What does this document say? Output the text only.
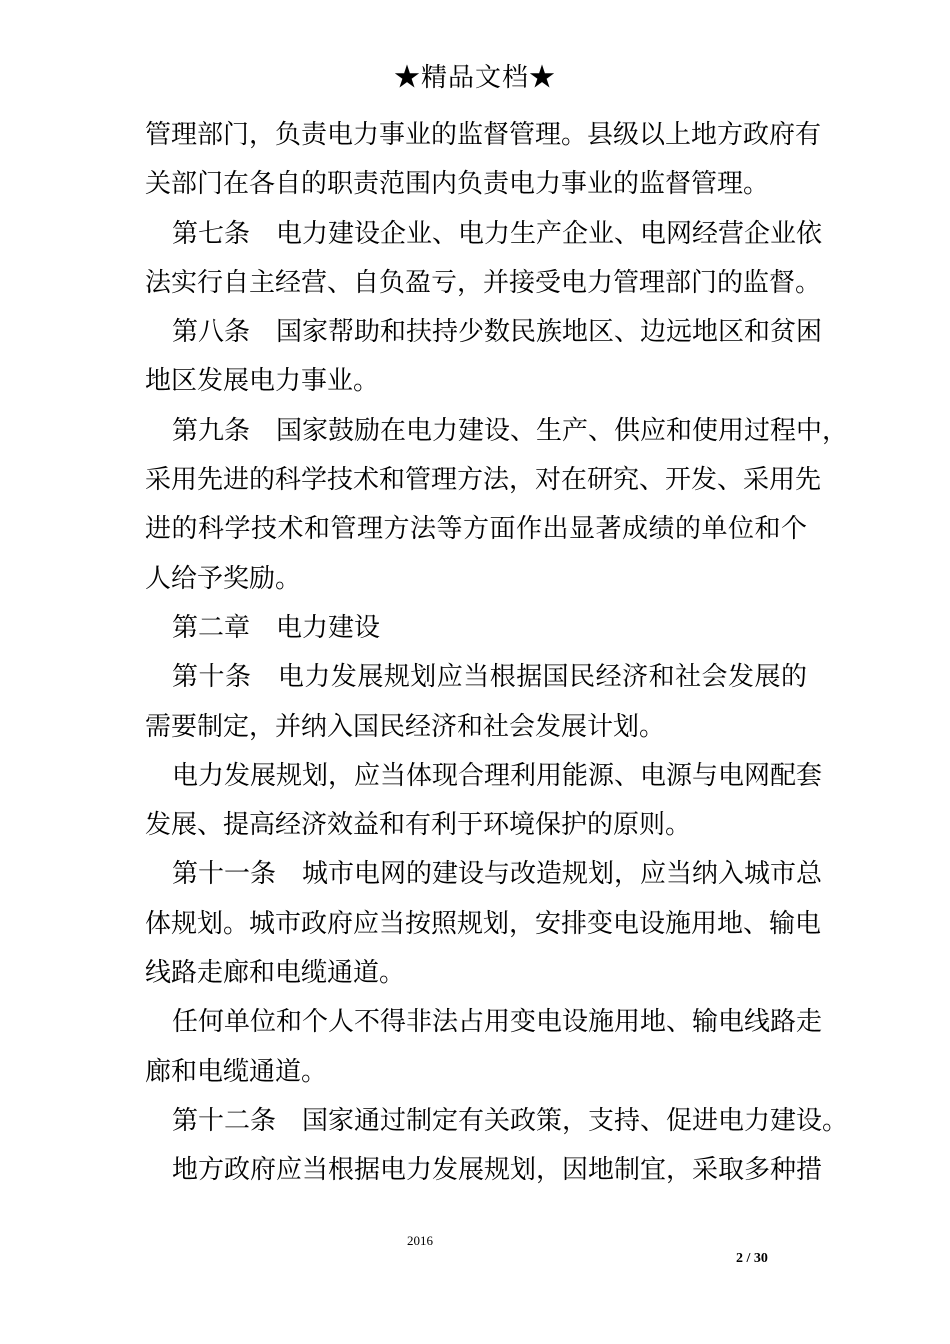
★精品文档★
管理部门，负责电力事业的监督管理。县级以上地方政府有
关部门在各自的职责范围内负责电力事业的监督管理。
第七条　电力建设企业、电力生产企业、电网经营企业依
法实行自主经营、自负盈亏，并接受电力管理部门的监督。
第八条　国家帮助和扶持少数民族地区、边远地区和贫困
地区发展电力事业。
第九条　国家鼓励在电力建设、生产、供应和使用过程中，
采用先进的科学技术和管理方法，对在研究、开发、采用先
进的科学技术和管理方法等方面作出显著成绩的单位和个
人给予奖励。
第二章　电力建设
第十条　电力发展规划应当根据国民经济和社会发展的
需要制定，并纳入国民经济和社会发展计划。
电力发展规划，应当体现合理利用能源、电源与电网配套
发展、提高经济效益和有利于环境保护的原则。
第十一条　城市电网的建设与改造规划，应当纳入城市总
体规划。城市政府应当按照规划，安排变电设施用地、输电
线路走廊和电缆通道。
任何单位和个人不得非法占用变电设施用地、输电线路走
廊和电缆通道。
第十二条　国家通过制定有关政策，支持、促进电力建设。
地方政府应当根据电力发展规划，因地制宜，采取多种措
2016
2 / 30
